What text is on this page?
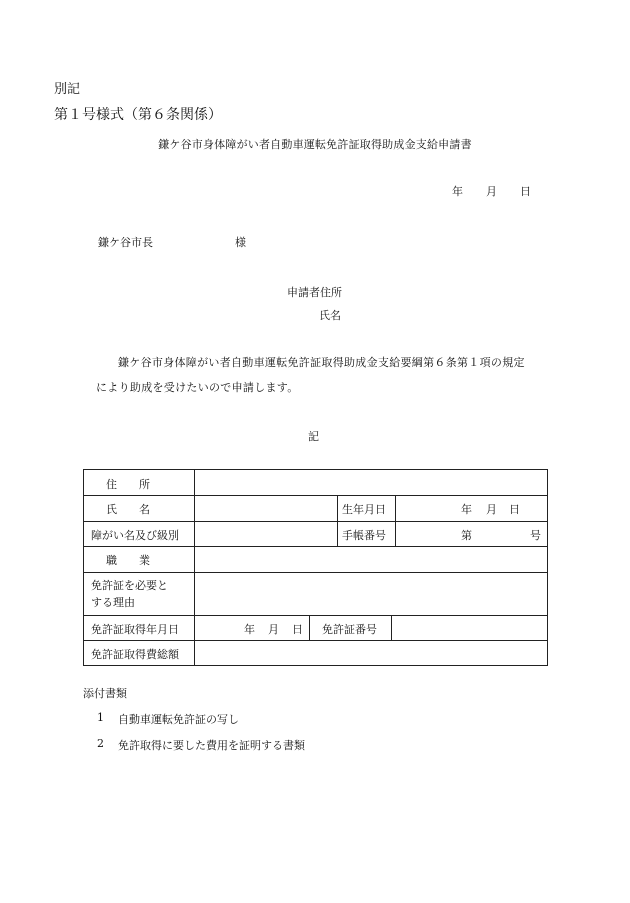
別記
第１号様式（第６条関係）
鎌ケ谷市身体障がい者自動車運転免許証取得助成金支給申請書
年 月 日
鎌ケ谷市長	様
申請者住所
氏名
鎌ケ谷市身体障がい者自動車運転免許証取得助成金支給要綱第６条第１項の規定
により助成を受けたいので申請します。
記
住　　所
氏　　名	生年月日	年 月 日
障がい名及び級別	手帳番号	第	号
職　　業
免許証を必要と
する理由
免許証取得年月日	年 月 日 免許証番号
免許証取得費総額
添付書類
1 自動車運転免許証の写し
2 免許取得に要した費用を証明する書類
